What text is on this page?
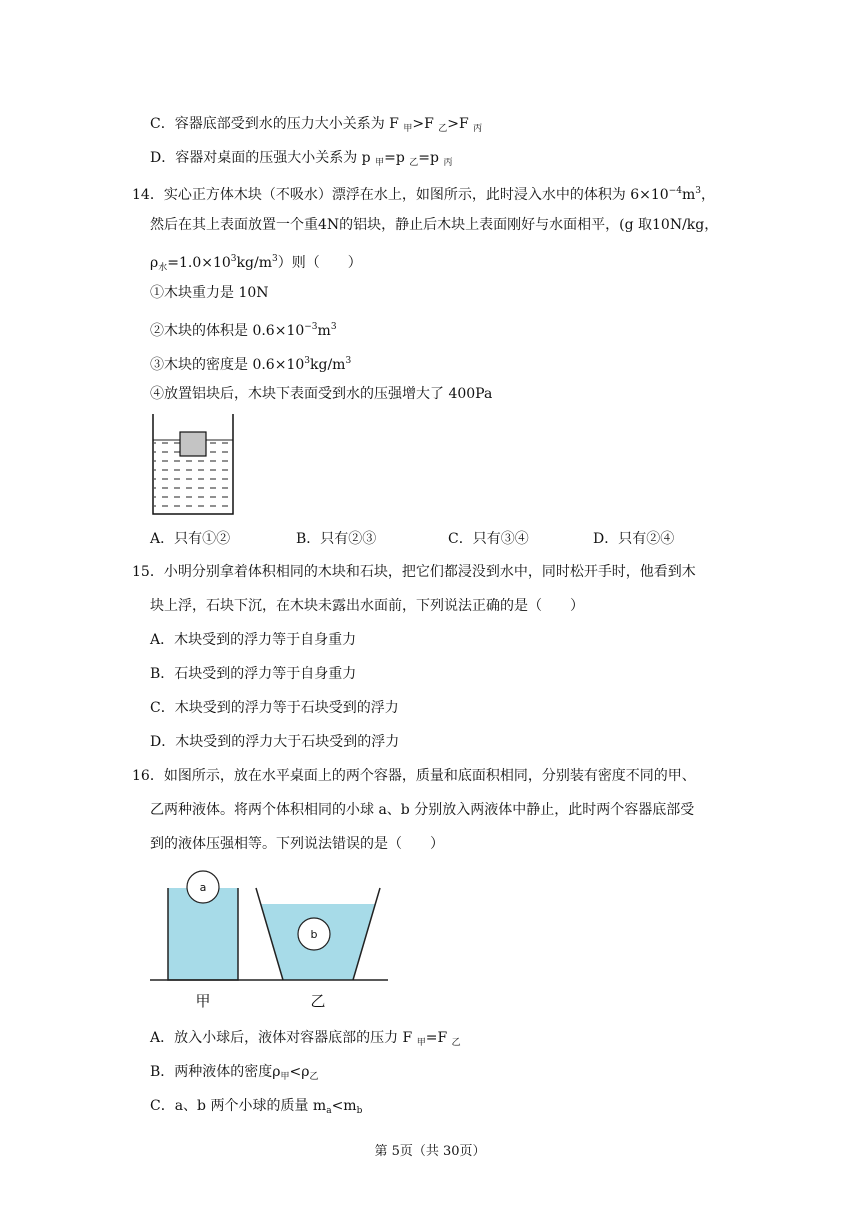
C．容器底部受到水的压力大小关系为 F $_甲$>F $_乙$>F $_丙$
D．容器对桌面的压强大小关系为 p $_甲$=p $_乙$=p $_丙$
14．实心正方体木块（不吸水）漂浮在水上，如图所示，此时浸入水中的体积为 $6\times 10^{-4}m^3$，
然后在其上表面放置一个重4N的铝块，静止后木块上表面刚好与水面相平，(g 取10N/kg，
$\rho_水=1.0\times 10^3kg/m^3$）则（　　）
①木块重力是 10N
②木块的体积是 $0.6\times 10^{-3}m^3$
③木块的密度是 $0.6\times 10^3kg/m^3$
④放置铝块后，木块下表面受到水的压强增大了 400Pa
A．只有①②	B．只有②③	C．只有③④	D．只有②④
15．小明分别拿着体积相同的木块和石块，把它们都浸没到水中，同时松开手时，他看到木
块上浮，石块下沉，在木块未露出水面前，下列说法正确的是（　　）
A．木块受到的浮力等于自身重力
B．石块受到的浮力等于自身重力
C．木块受到的浮力等于石块受到的浮力
D．木块受到的浮力大于石块受到的浮力
16．如图所示，放在水平桌面上的两个容器，质量和底面积相同，分别装有密度不同的甲、
乙两种液体。将两个体积相同的小球 a、b 分别放入两液体中静止，此时两个容器底部受
到的液体压强相等。下列说法错误的是（　　）
a
b
甲	乙
A．放入小球后，液体对容器底部的压力 F $_甲$=F $_乙$
B．两种液体的密度$\rho_甲<\rho_乙$
C．a、b 两个小球的质量 $m_a<m_b$
第 5页（共 30页）
